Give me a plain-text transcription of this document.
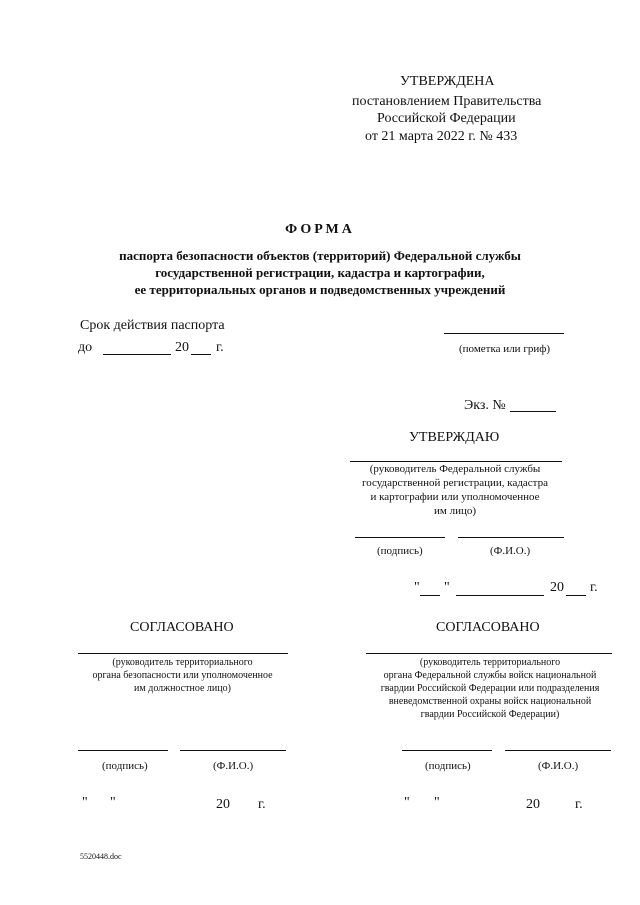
УТВЕРЖДЕНА
постановлением Правительства
Российской Федерации
от 21 марта 2022 г. № 433
ФОРМА
паспорта безопасности объектов (территорий) Федеральной службы
государственной регистрации, кадастра и картографии,
ее территориальных органов и подведомственных учреждений
Срок действия паспорта
до	20 г.	(пометка или гриф)
Экз. №
УТВЕРЖДАЮ
(руководитель Федеральной службы
государственной регистрации, кадастра
и картографии или уполномоченное
им лицо)
(подпись)	(Ф.И.О.)
" "	20 г.
СОГЛАСОВАНО
(руководитель территориального
органа безопасности или уполномоченное
им должностное лицо)
(подпись)	(Ф.И.О.)
" "	20 г.
СОГЛАСОВАНО
(руководитель территориального
органа Федеральной службы войск национальной
гвардии Российской Федерации или подразделения
вневедомственной охраны войск национальной
гвардии Российской Федерации)
(подпись)	(Ф.И.О.)
" "	20	г.
5520448.doc
